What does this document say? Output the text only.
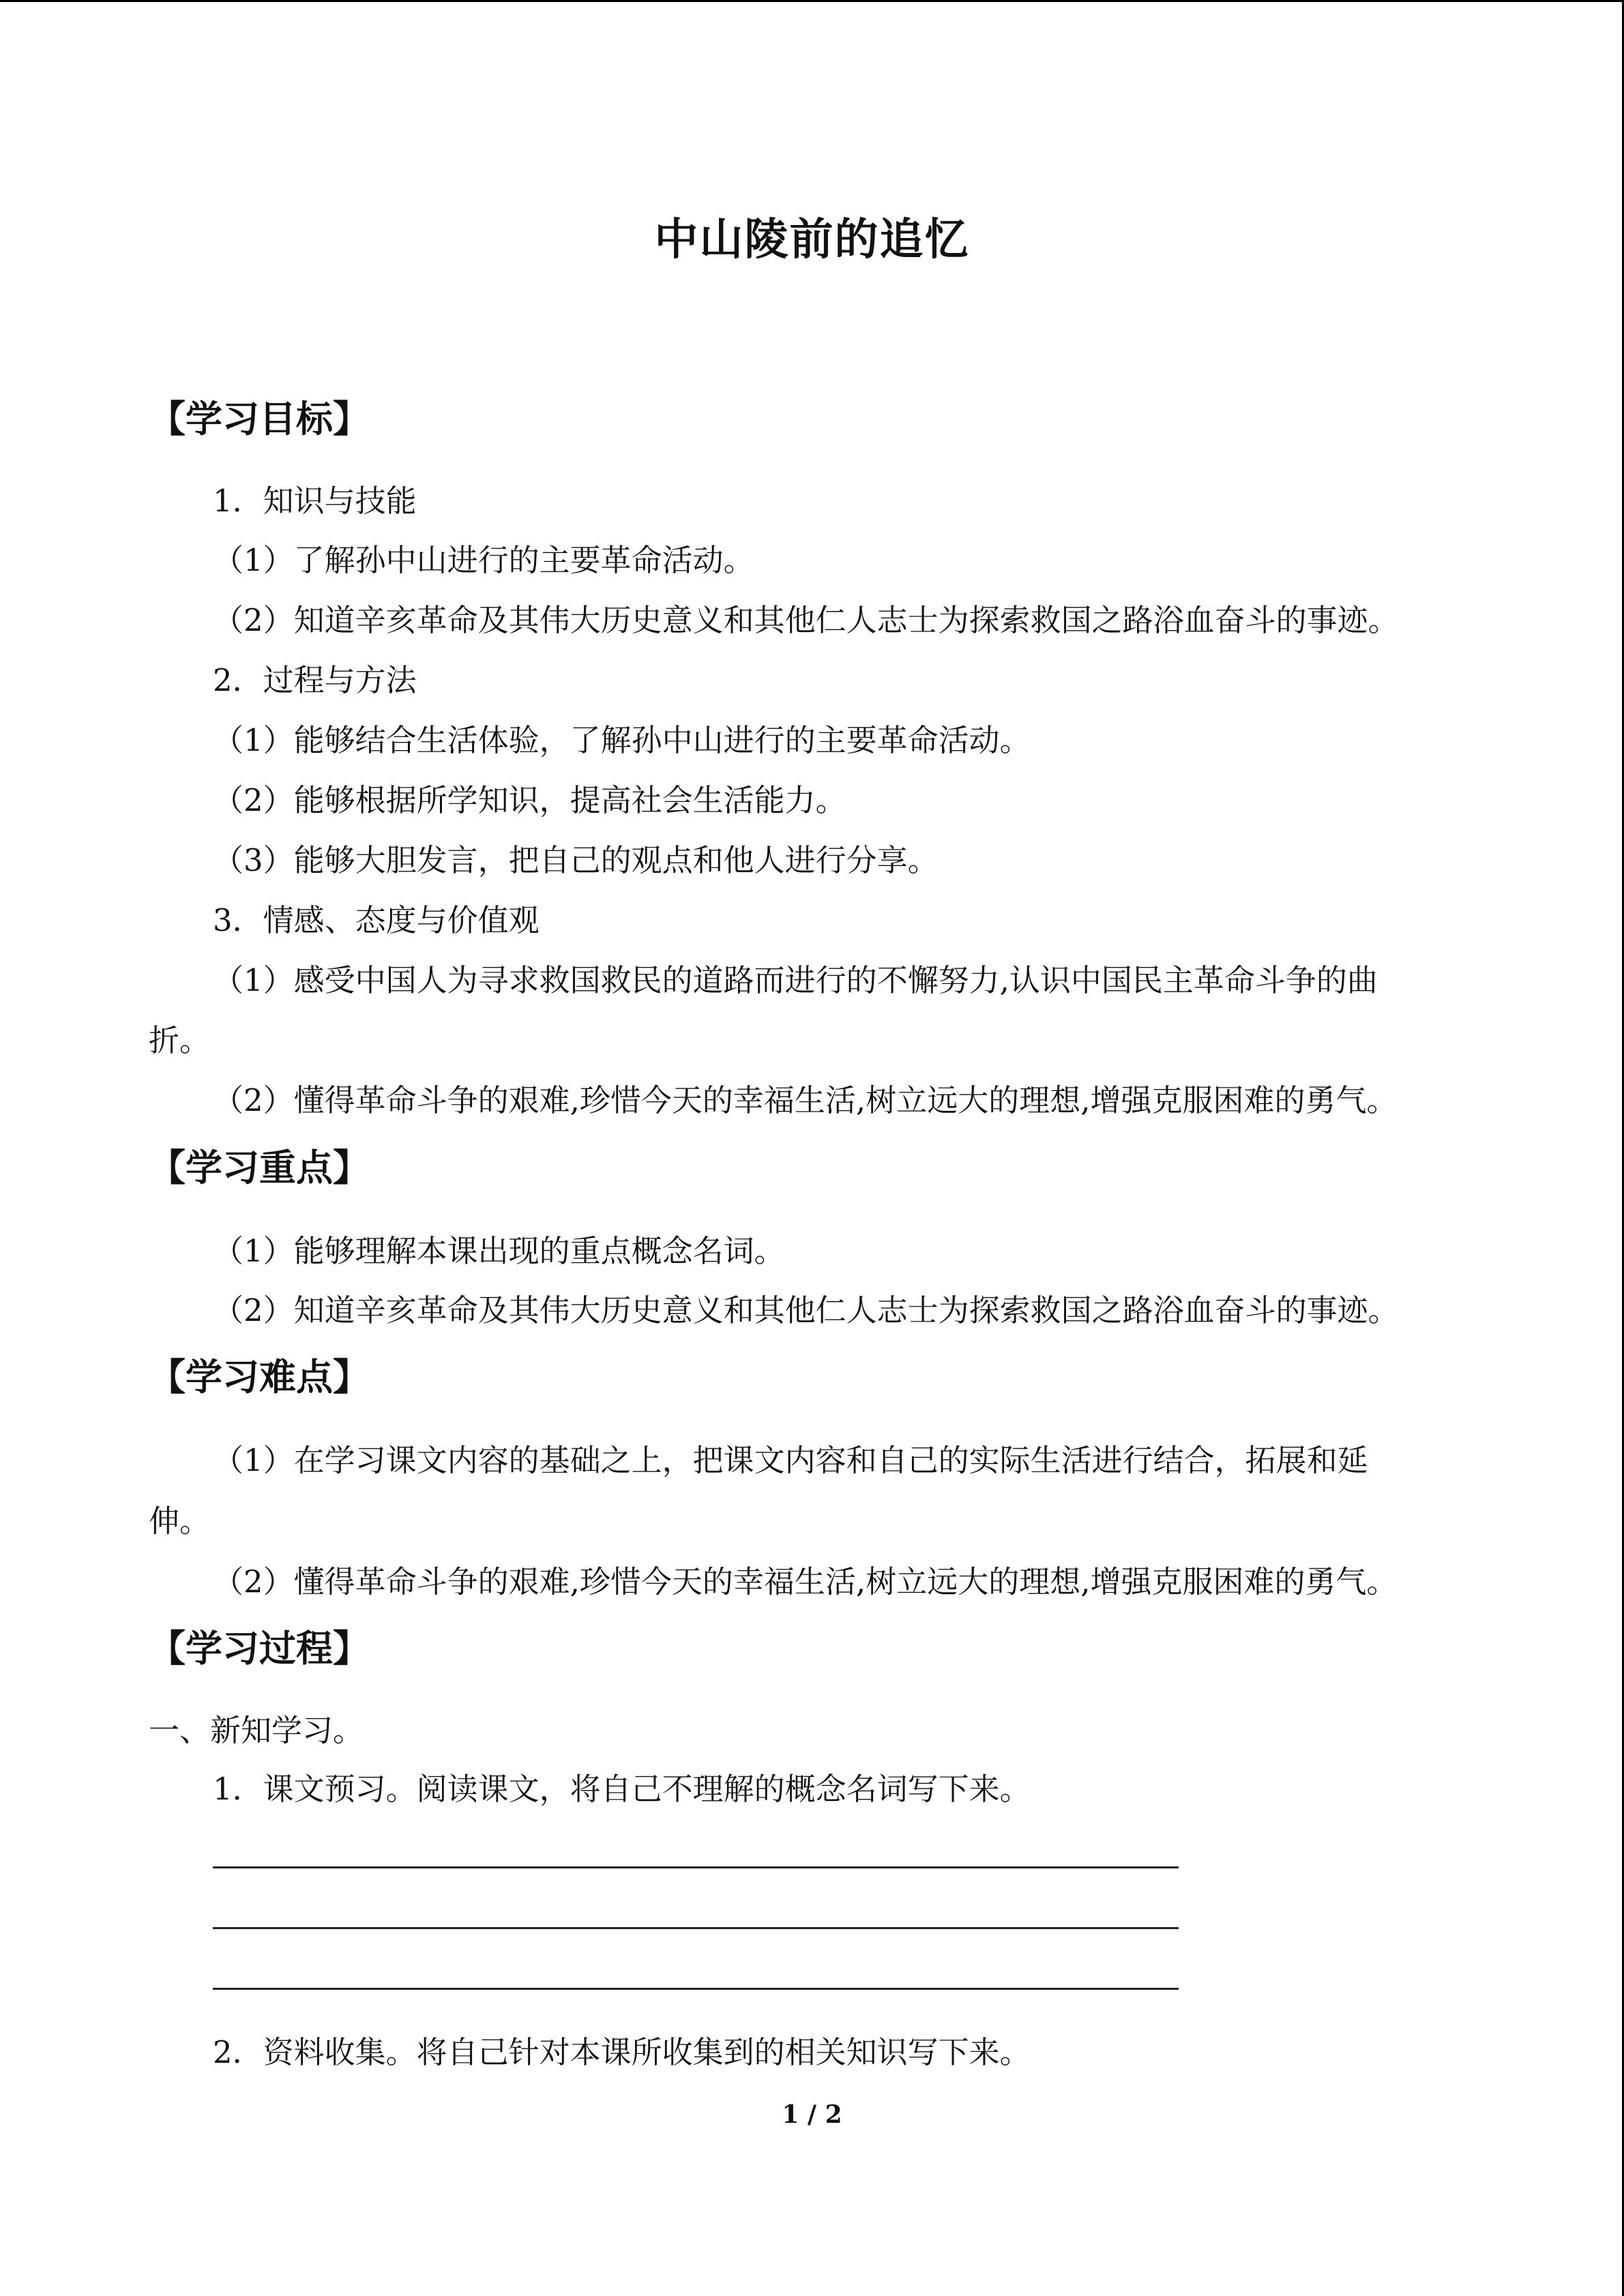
中山陵前的追忆
【学习目标】
1．知识与技能
（1）了解孙中山进行的主要革命活动。
（2）知道辛亥革命及其伟大历史意义和其他仁人志士为探索救国之路浴血奋斗的事迹。
2．过程与方法
（1）能够结合生活体验，了解孙中山进行的主要革命活动。
（2）能够根据所学知识，提高社会生活能力。
（3）能够大胆发言，把自己的观点和他人进行分享。
3．情感、态度与价值观
（1）感受中国人为寻求救国救民的道路而进行的不懈努力,认识中国民主革命斗争的曲
折。
（2）懂得革命斗争的艰难,珍惜今天的幸福生活,树立远大的理想,增强克服困难的勇气。
【学习重点】
（1）能够理解本课出现的重点概念名词。
（2）知道辛亥革命及其伟大历史意义和其他仁人志士为探索救国之路浴血奋斗的事迹。
【学习难点】
（1）在学习课文内容的基础之上，把课文内容和自己的实际生活进行结合，拓展和延
伸。
（2）懂得革命斗争的艰难,珍惜今天的幸福生活,树立远大的理想,增强克服困难的勇气。
【学习过程】
一、新知学习。
1．课文预习。阅读课文，将自己不理解的概念名词写下来。
2．资料收集。将自己针对本课所收集到的相关知识写下来。
1 / 2
